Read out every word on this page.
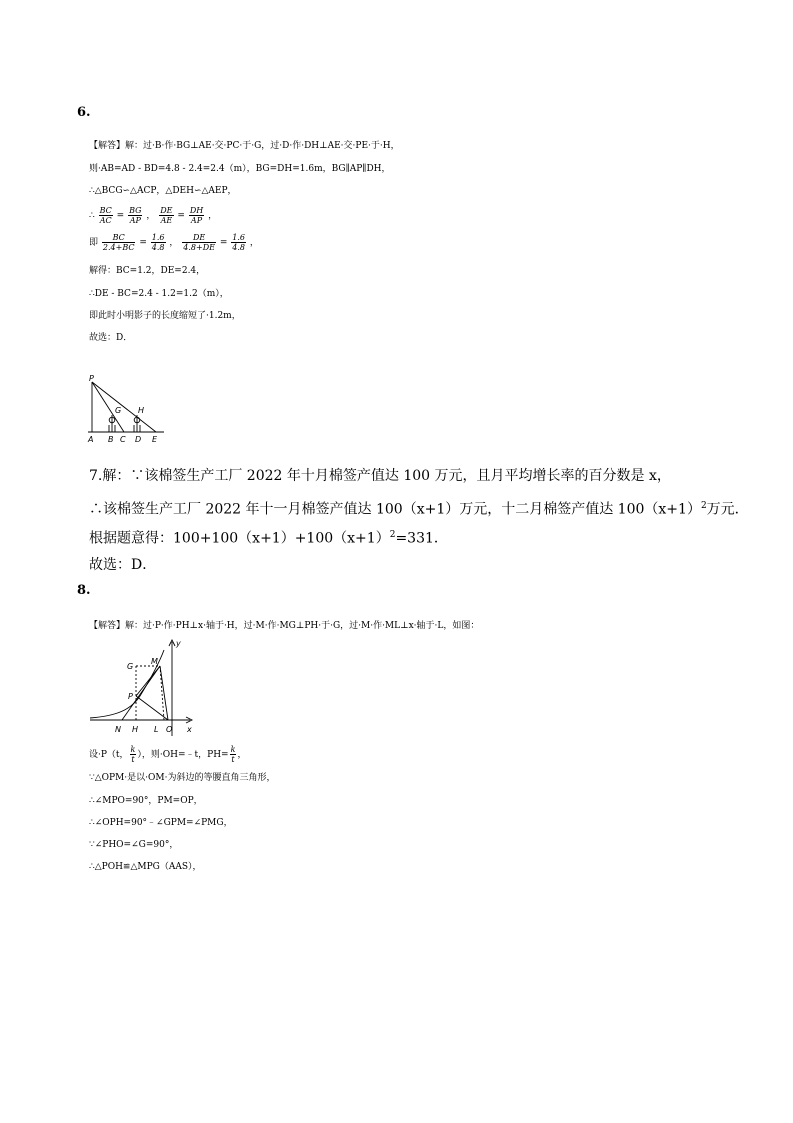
6.
【解答】解：过·B·作·BG⊥AE·交·PC·于·G，过·D·作·DH⊥AE·交·PE·于·H，
则·AB=AD - BD=4.8 - 2.4=2.4（m），BG=DH=1.6m，BG∥AP∥DH，
∴△BCG∽△ACP，△DEH∽△AEP，
∴ $\frac{BC}{AC} = \frac{BG}{AP}$ ， $\frac{DE}{AE} = \frac{DH}{AP}$ ，
即 $\frac{BC}{2.4+BC} = \frac{1.6}{4.8}$ ， $\frac{DE}{4.8+DE} = \frac{1.6}{4.8}$ ，
解得：BC=1.2，DE=2.4，
∴DE - BC=2.4 - 1.2=1.2（m），
即此时小明影子的长度缩短了·1.2m，
故选：D．
P
G H
A B C D E
7.解：∵该棉签生产工厂 2022 年十月棉签产值达 100 万元，且月平均增长率的百分数是 x，
∴该棉签生产工厂 2022 年十一月棉签产值达 100（x+1）万元，十二月棉签产值达 $100(x+1)^2$万元．
根据题意得：$100+100(x+1)+100(x+1)^2=331$．
故选：D．
8.
【解答】解：过·P·作·PH⊥x·轴于·H，过·M·作·MG⊥PH·于·G，过·M·作·ML⊥x·轴于·L，如图：
y
x
M
G
P
N H L O
设·P（t， $\frac{k}{t}$ ），则·OH=﹣t，$PH= \frac{k}{t}$ ，
∵△OPM·是以·OM·为斜边的等腰直角三角形，
∴∠MPO=90°，PM=OP，
∴∠OPH=90°﹣∠GPM=∠PMG，
∵∠PHO=∠G=90°，
∴△POH≌△MPG（AAS），
